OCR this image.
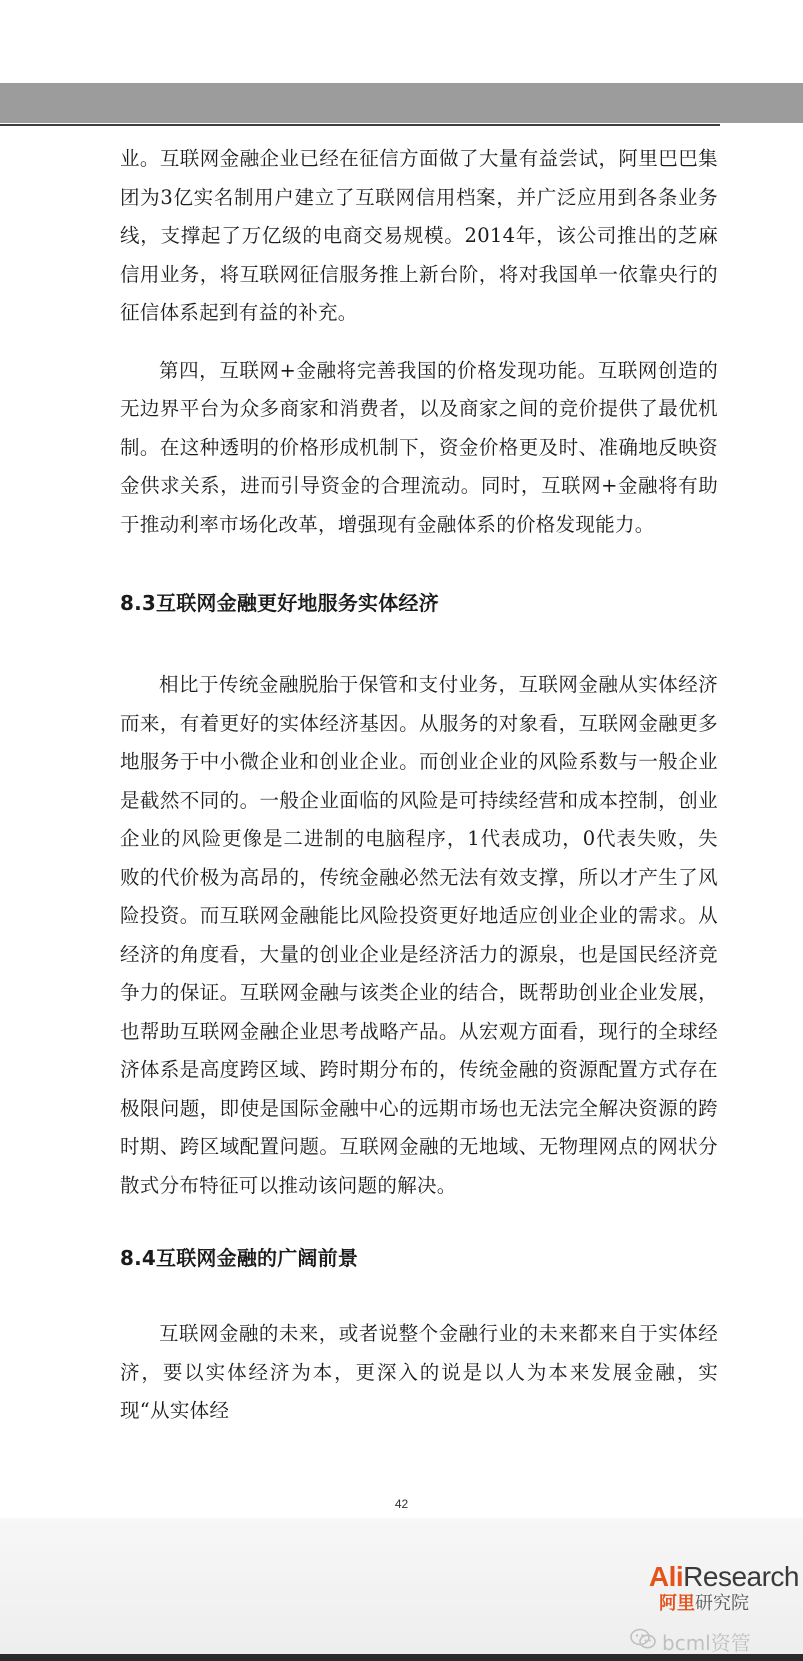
业。互联网金融企业已经在征信方面做了大量有益尝试，阿里巴巴集团为3亿实名制用户建立了互联网信用档案，并广泛应用到各条业务线，支撑起了万亿级的电商交易规模。2014年，该公司推出的芝麻信用业务，将互联网征信服务推上新台阶，将对我国单一依靠央行的征信体系起到有益的补充。

第四，互联网+金融将完善我国的价格发现功能。互联网创造的无边界平台为众多商家和消费者，以及商家之间的竞价提供了最优机制。在这种透明的价格形成机制下，资金价格更及时、准确地反映资金供求关系，进而引导资金的合理流动。同时，互联网+金融将有助于推动利率市场化改革，增强现有金融体系的价格发现能力。

8.3互联网金融更好地服务实体经济

相比于传统金融脱胎于保管和支付业务，互联网金融从实体经济而来，有着更好的实体经济基因。从服务的对象看，互联网金融更多地服务于中小微企业和创业企业。而创业企业的风险系数与一般企业是截然不同的。一般企业面临的风险是可持续经营和成本控制，创业企业的风险更像是二进制的电脑程序，1代表成功，0代表失败，失败的代价极为高昂的，传统金融必然无法有效支撑，所以才产生了风险投资。而互联网金融能比风险投资更好地适应创业企业的需求。从经济的角度看，大量的创业企业是经济活力的源泉，也是国民经济竞争力的保证。互联网金融与该类企业的结合，既帮助创业企业发展，也帮助互联网金融企业思考战略产品。从宏观方面看，现行的全球经济体系是高度跨区域、跨时期分布的，传统金融的资源配置方式存在极限问题，即使是国际金融中心的远期市场也无法完全解决资源的跨时期、跨区域配置问题。互联网金融的无地域、无物理网点的网状分散式分布特征可以推动该问题的解决。

8.4互联网金融的广阔前景

互联网金融的未来，或者说整个金融行业的未来都来自于实体经济，要以实体经济为本，更深入的说是以人为本来发展金融，实现“从实体经

42
AliResearch
阿里研究院
bcml资管
